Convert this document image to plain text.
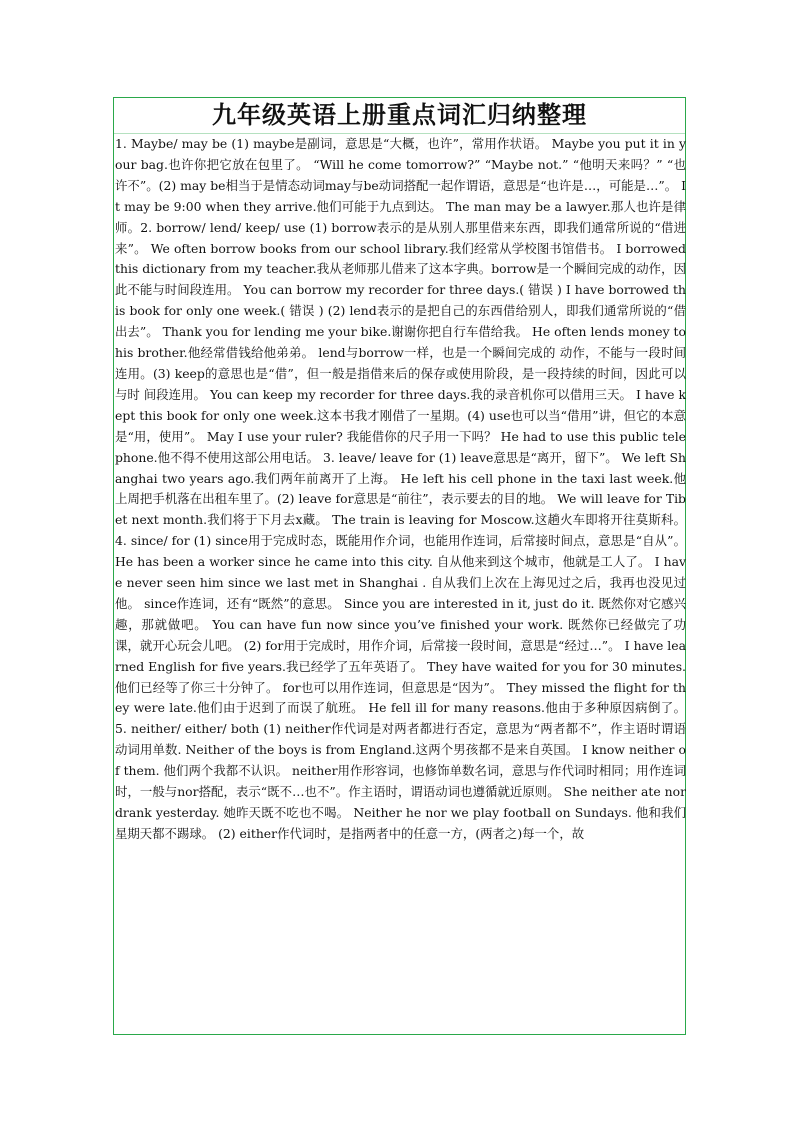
九年级英语上册重点词汇归纳整理

1. Maybe/ may be (1) maybe是副词，意思是“大概，也许”，常用作状语。 Maybe you put it in your bag.也许你把它放在包里了。 “Will he come tomorrow?” “Maybe not.” “他明天来吗？” “也许不”。(2) may be相当于是情态动词may与be动词搭配一起作谓语，意思是“也许是…，可能是…”。 It may be 9:00 when they arrive.他们可能于九点到达。 The man may be a lawyer.那人也许是律师。2. borrow/ lend/ keep/ use (1) borrow表示的是从别人那里借来东西，即我们通常所说的“借进来”。 We often borrow books from our school library.我们经常从学校图书馆借书。 I borrowed this dictionary from my teacher.我从老师那儿借来了这本字典。borrow是一个瞬间完成的动作，因此不能与时间段连用。 You can borrow my recorder for three days.( 错误 ) I have borrowed this book for only one week.( 错误 ) (2) lend表示的是把自己的东西借给别人，即我们通常所说的“借出去”。 Thank you for lending me your bike.谢谢你把自行车借给我。 He often lends money to his brother.他经常借钱给他弟弟。 lend与borrow一样，也是一个瞬间完成的 动作，不能与一段时间连用。(3) keep的意思也是“借”，但一般是指借来后的保存或使用阶段，是一段持续的时间，因此可以与时 间段连用。 You can keep my recorder for three days.我的录音机你可以借用三天。 I have kept this book for only one week.这本书我才刚借了一星期。(4) use也可以当“借用”讲，但它的本意是“用，使用”。 May I use your ruler? 我能借你的尺子用一下吗？ He had to use this public telephone.他不得不使用这部公用电话。 3. leave/ leave for (1) leave意思是“离开，留下”。 We left Shanghai two years ago.我们两年前离开了上海。 He left his cell phone in the taxi last week.他上周把手机落在出租车里了。(2) leave for意思是“前往”，表示要去的目的地。 We will leave for Tibet next month.我们将于下月去x藏。 The train is leaving for Moscow.这趟火车即将开往莫斯科。 4. since/ for (1) since用于完成时态，既能用作介词，也能用作连词，后常接时间点，意思是“自从”。 He has been a worker since he came into this city. 自从他来到这个城市，他就是工人了。 I have never seen him since we last met in Shanghai . 自从我们上次在上海见过之后，我再也没见过他。 since作连词，还有“既然”的意思。 Since you are interested in it, just do it. 既然你对它感兴趣，那就做吧。 You can have fun now since you’ve finished your work. 既然你已经做完了功课，就开心玩会儿吧。 (2) for用于完成时，用作介词，后常接一段时间，意思是“经过…”。 I have learned English for five years.我已经学了五年英语了。 They have waited for you for 30 minutes.他们已经等了你三十分钟了。 for也可以用作连词，但意思是“因为”。 They missed the flight for they were late.他们由于迟到了而误了航班。 He fell ill for many reasons.他由于多种原因病倒了。 5. neither/ either/ both (1) neither作代词是对两者都进行否定，意思为“两者都不”，作主语时谓语动词用单数. Neither of the boys is from England.这两个男孩都不是来自英国。 I know neither of them. 他们两个我都不认识。 neither用作形容词，也修饰单数名词，意思与作代词时相同；用作连词时，一般与nor搭配，表示“既不…也不”。作主语时，谓语动词也遵循就近原则。 She neither ate nor drank yesterday. 她昨天既不吃也不喝。 Neither he nor we play football on Sundays. 他和我们星期天都不踢球。 (2) either作代词时，是指两者中的任意一方，(两者之)每一个，故
